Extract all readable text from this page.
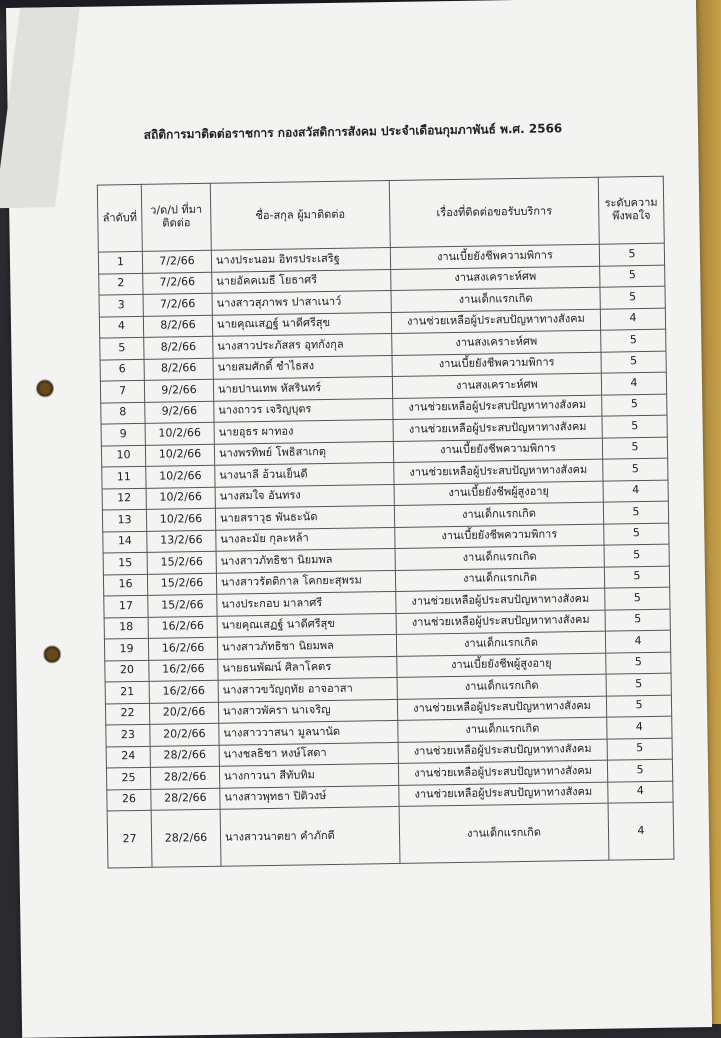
สถิติการมาติดต่อราชการ กองสวัสดิการสังคม ประจำเดือนกุมภาพันธ์ พ.ศ. 2566
ลำดับที่	ว/ด/ป ที่มาติดต่อ	ชื่อ-สกุล ผู้มาติดต่อ	เรื่องที่ติดต่อขอรับบริการ	ระดับความพึงพอใจ
1	7/2/66	นางประนอม อิทรประเสริฐ	งานเบี้ยยังชีพความพิการ	5
2	7/2/66	นายอัคคเมธี โยธาศรี	งานสงเคราะห์ศพ	5
3	7/2/66	นางสาวสุภาพร ปาสาเนาว์	งานเด็กแรกเกิด	5
4	8/2/66	นายคุณเสฏฐ์ นาดีศรีสุข	งานช่วยเหลือผู้ประสบปัญหาทางสังคม	4
5	8/2/66	นางสาวประภัสสร อุทกังกุล	งานสงเคราะห์ศพ	5
6	8/2/66	นายสมศักดิ์ ชำไธสง	งานเบี้ยยังชีพความพิการ	5
7	9/2/66	นายปานเทพ หัสรินทร์	งานสงเคราะห์ศพ	4
8	9/2/66	นางถาวร เจริญบุตร	งานช่วยเหลือผู้ประสบปัญหาทางสังคม	5
9	10/2/66	นายอุธร ผาทอง	งานช่วยเหลือผู้ประสบปัญหาทางสังคม	5
10	10/2/66	นางพรทิพย์ โพธิสาเกตุ	งานเบี้ยยังชีพความพิการ	5
11	10/2/66	นางนาลี อ้วนเย็นดี	งานช่วยเหลือผู้ประสบปัญหาทางสังคม	5
12	10/2/66	นางสมใจ อันทรง	งานเบี้ยยังชีพผู้สูงอายุ	4
13	10/2/66	นายสราวุธ พันธะนัด	งานเด็กแรกเกิด	5
14	13/2/66	นางละมัย กุละหล้า	งานเบี้ยยังชีพความพิการ	5
15	15/2/66	นางสาวภัทธิชา นิยมพล	งานเด็กแรกเกิด	5
16	15/2/66	นางสาวรัตติกาล โคกยะสุพรม	งานเด็กแรกเกิด	5
17	15/2/66	นางประกอบ มาลาศรี	งานช่วยเหลือผู้ประสบปัญหาทางสังคม	5
18	16/2/66	นายคุณเสฏฐ์ นาดีศรีสุข	งานช่วยเหลือผู้ประสบปัญหาทางสังคม	5
19	16/2/66	นางสาวภัทธิชา นิยมพล	งานเด็กแรกเกิด	4
20	16/2/66	นายธนพัฒน์ ศิลาโคตร	งานเบี้ยยังชีพผู้สูงอายุ	5
21	16/2/66	นางสาวขวัญฤทัย อาจอาสา	งานเด็กแรกเกิด	5
22	20/2/66	นางสาวพัครา นาเจริญ	งานช่วยเหลือผู้ประสบปัญหาทางสังคม	5
23	20/2/66	นางสาววาสนา มูลนานัด	งานเด็กแรกเกิด	4
24	28/2/66	นางชลธิชา หงษ์โสดา	งานช่วยเหลือผู้ประสบปัญหาทางสังคม	5
25	28/2/66	นางกาวนา สีทับทิม	งานช่วยเหลือผู้ประสบปัญหาทางสังคม	5
26	28/2/66	นางสาวพุทธา ปิติวงษ์	งานช่วยเหลือผู้ประสบปัญหาทางสังคม	4
27	28/2/66	นางสาวนาตยา คำภักดี	งานเด็กแรกเกิด	4
